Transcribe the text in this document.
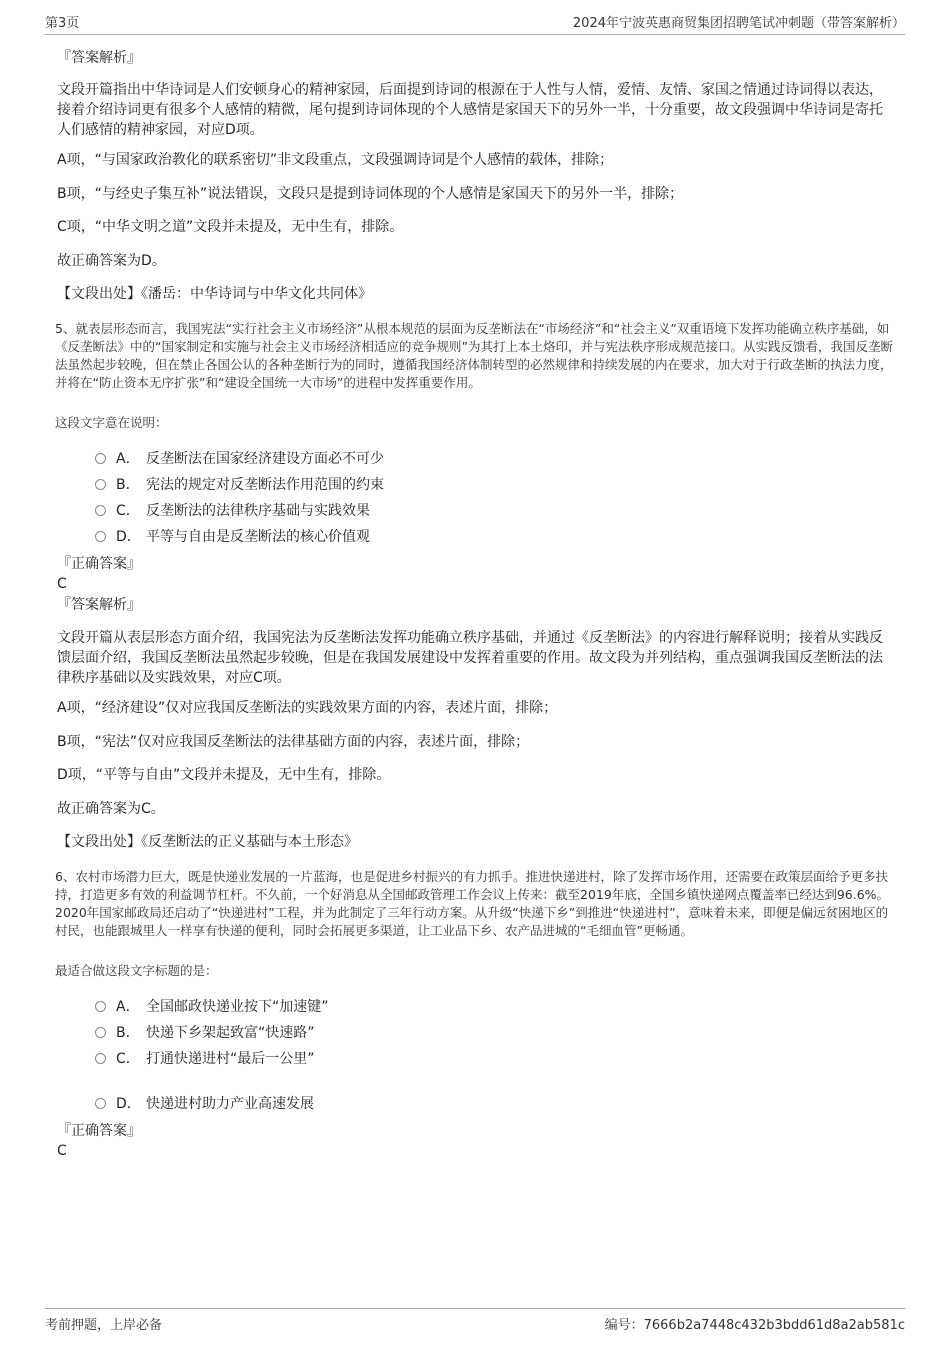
第3页	2024年宁波英惠商贸集团招聘笔试冲刺题（带答案解析）
『答案解析』
文段开篇指出中华诗词是人们安顿身心的精神家园，后面提到诗词的根源在于人性与人情，爱情、友情、家国之情通过诗词得以表达，接着介绍诗词更有很多个人感情的精微，尾句提到诗词体现的个人感情是家国天下的另外一半，十分重要，故文段强调中华诗词是寄托人们感情的精神家园，对应D项。
A项，“与国家政治教化的联系密切”非文段重点，文段强调诗词是个人感情的载体，排除；
B项，“与经史子集互补”说法错误，文段只是提到诗词体现的个人感情是家国天下的另外一半，排除；
C项，“中华文明之道”文段并未提及，无中生有，排除。
故正确答案为D。
【文段出处】《潘岳：中华诗词与中华文化共同体》
5、就表层形态而言，我国宪法“实行社会主义市场经济”从根本规范的层面为反垄断法在“市场经济”和“社会主义”双重语境下发挥功能确立秩序基础，如《反垄断法》中的“国家制定和实施与社会主义市场经济相适应的竞争规则”为其打上本土烙印，并与宪法秩序形成规范接口。从实践反馈看，我国反垄断法虽然起步较晚，但在禁止各国公认的各种垄断行为的同时，遵循我国经济体制转型的必然规律和持续发展的内在要求，加大对于行政垄断的执法力度，并将在“防止资本无序扩张”和“建设全国统一大市场”的进程中发挥重要作用。
这段文字意在说明：
A． 反垄断法在国家经济建设方面必不可少
B． 宪法的规定对反垄断法作用范围的约束
C． 反垄断法的法律秩序基础与实践效果
D． 平等与自由是反垄断法的核心价值观
『正确答案』
C
『答案解析』
文段开篇从表层形态方面介绍，我国宪法为反垄断法发挥功能确立秩序基础，并通过《反垄断法》的内容进行解释说明；接着从实践反馈层面介绍，我国反垄断法虽然起步较晚，但是在我国发展建设中发挥着重要的作用。故文段为并列结构，重点强调我国反垄断法的法律秩序基础以及实践效果，对应C项。
A项，“经济建设”仅对应我国反垄断法的实践效果方面的内容，表述片面，排除；
B项，“宪法”仅对应我国反垄断法的法律基础方面的内容，表述片面，排除；
D项，“平等与自由”文段并未提及，无中生有，排除。
故正确答案为C。
【文段出处】《反垄断法的正义基础与本土形态》
6、农村市场潜力巨大，既是快递业发展的一片蓝海，也是促进乡村振兴的有力抓手。推进快递进村，除了发挥市场作用，还需要在政策层面给予更多扶持，打造更多有效的利益调节杠杆。不久前，一个好消息从全国邮政管理工作会议上传来：截至2019年底，全国乡镇快递网点覆盖率已经达到96.6%。2020年国家邮政局还启动了“快递进村”工程，并为此制定了三年行动方案。从升级“快递下乡”到推进“快递进村”，意味着未来，即便是偏远贫困地区的村民，也能跟城里人一样享有快递的便利，同时会拓展更多渠道，让工业品下乡、农产品进城的“毛细血管”更畅通。
最适合做这段文字标题的是：
A． 全国邮政快递业按下“加速键”
B． 快递下乡架起致富“快速路”
C． 打通快递进村“最后一公里”
D． 快递进村助力产业高速发展
『正确答案』
C
考前押题，上岸必备	编号：7666b2a7448c432b3bdd61d8a2ab581c
